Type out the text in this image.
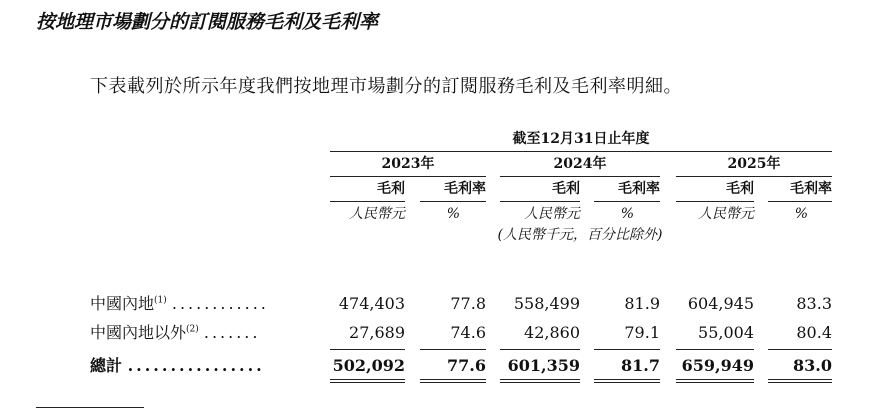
按地理市場劃分的訂閱服務毛利及毛利率
下表載列於所示年度我們按地理市場劃分的訂閱服務毛利及毛利率明細。
截至12月31日止年度
2023年	2024年	2025年
毛利	毛利率	毛利	毛利率	毛利	毛利率
人民幣元	%	人民幣元	%	人民幣元	%
(人民幣千元，百分比除外)
中國內地$^{(1)}$ ............	474,403	77.8	558,499	81.9	604,945	83.3
中國內地以外$^{(2)}$ .......	27,689	74.6	42,860	79.1	55,004	80.4
總計 ................	502,092	77.6	601,359	81.7	659,949	83.0
